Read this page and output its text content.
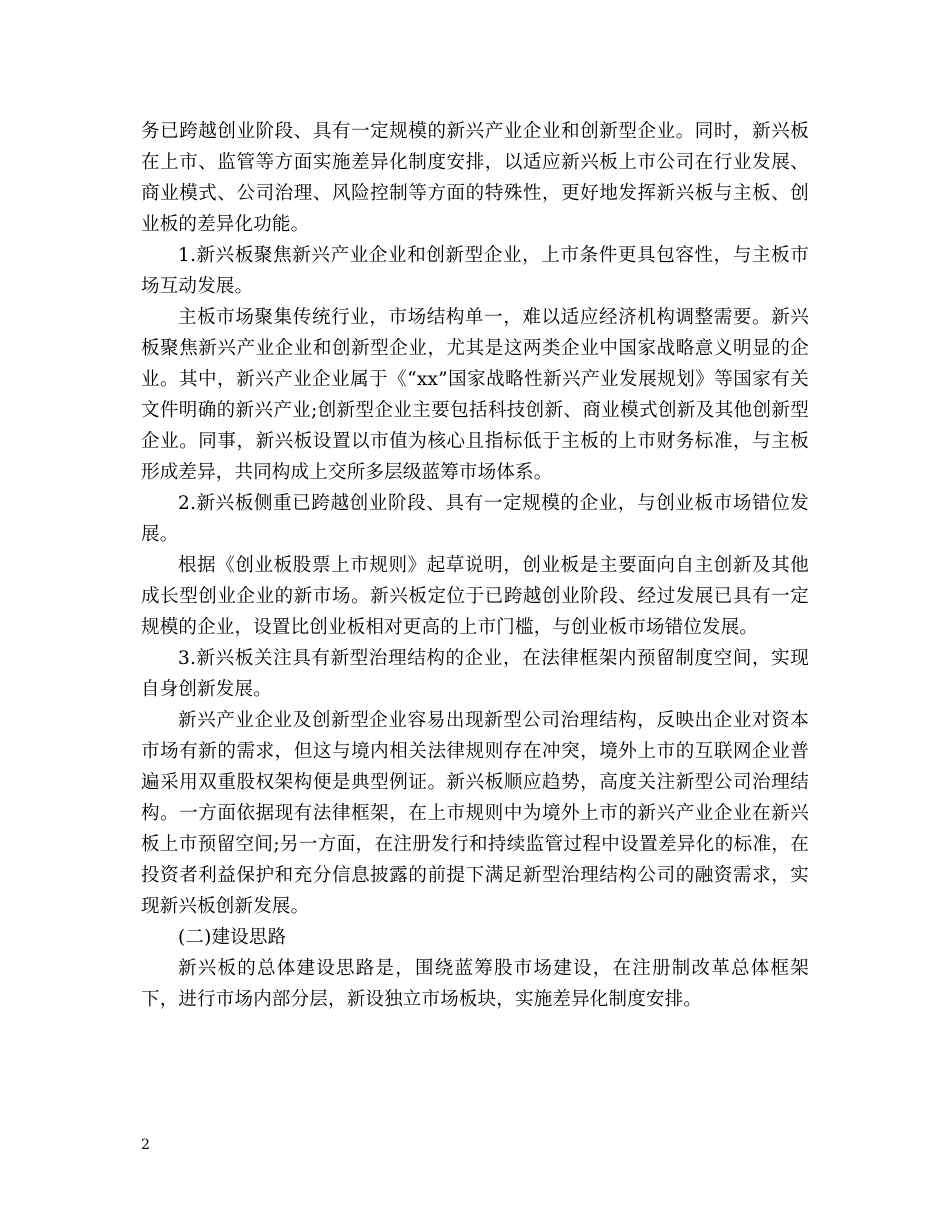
务已跨越创业阶段、具有一定规模的新兴产业企业和创新型企业。同时，新兴板在上市、监管等方面实施差异化制度安排，以适应新兴板上市公司在行业发展、商业模式、公司治理、风险控制等方面的特殊性，更好地发挥新兴板与主板、创业板的差异化功能。

1.新兴板聚焦新兴产业企业和创新型企业，上市条件更具包容性，与主板市场互动发展。

主板市场聚集传统行业，市场结构单一，难以适应经济机构调整需要。新兴板聚焦新兴产业企业和创新型企业，尤其是这两类企业中国家战略意义明显的企业。其中，新兴产业企业属于《“xx”国家战略性新兴产业发展规划》等国家有关文件明确的新兴产业;创新型企业主要包括科技创新、商业模式创新及其他创新型企业。同事，新兴板设置以市值为核心且指标低于主板的上市财务标准，与主板形成差异，共同构成上交所多层级蓝筹市场体系。

2.新兴板侧重已跨越创业阶段、具有一定规模的企业，与创业板市场错位发展。

根据《创业板股票上市规则》起草说明，创业板是主要面向自主创新及其他成长型创业企业的新市场。新兴板定位于已跨越创业阶段、经过发展已具有一定规模的企业，设置比创业板相对更高的上市门槛，与创业板市场错位发展。

3.新兴板关注具有新型治理结构的企业，在法律框架内预留制度空间，实现自身创新发展。

新兴产业企业及创新型企业容易出现新型公司治理结构，反映出企业对资本市场有新的需求，但这与境内相关法律规则存在冲突，境外上市的互联网企业普遍采用双重股权架构便是典型例证。新兴板顺应趋势，高度关注新型公司治理结构。一方面依据现有法律框架，在上市规则中为境外上市的新兴产业企业在新兴板上市预留空间;另一方面，在注册发行和持续监管过程中设置差异化的标准，在投资者利益保护和充分信息披露的前提下满足新型治理结构公司的融资需求，实现新兴板创新发展。

(二)建设思路

新兴板的总体建设思路是，围绕蓝筹股市场建设，在注册制改革总体框架下，进行市场内部分层，新设独立市场板块，实施差异化制度安排。

2
